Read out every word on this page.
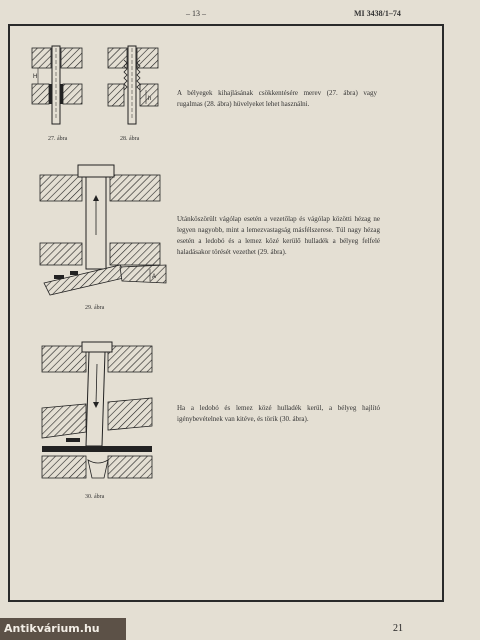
– 13 –	MI 3438/1–74
H
27. ábra
h
28. ábra
A
29. ábra
30. ábra
A bélyegek kihajlásának csökkentésére merev (27. ábra) vagy rugalmas (28. ábra) hüvelyeket lehet használni.
Utánköszörült vágólap esetén a vezetőlap és vágólap közötti hézag ne legyen nagyobb, mint a lemezvastagság másfélszerese. Túl nagy hézag esetén a ledobó és a lemez közé kerülő hulladék a bélyeg felfelé haladásakor törését vezethet (29. ábra).
Ha a ledobó és lemez közé hulladék kerül, a bélyeg hajlító igénybevételnek van kitéve, és törik (30. ábra).
21
Antikvárium.hu
